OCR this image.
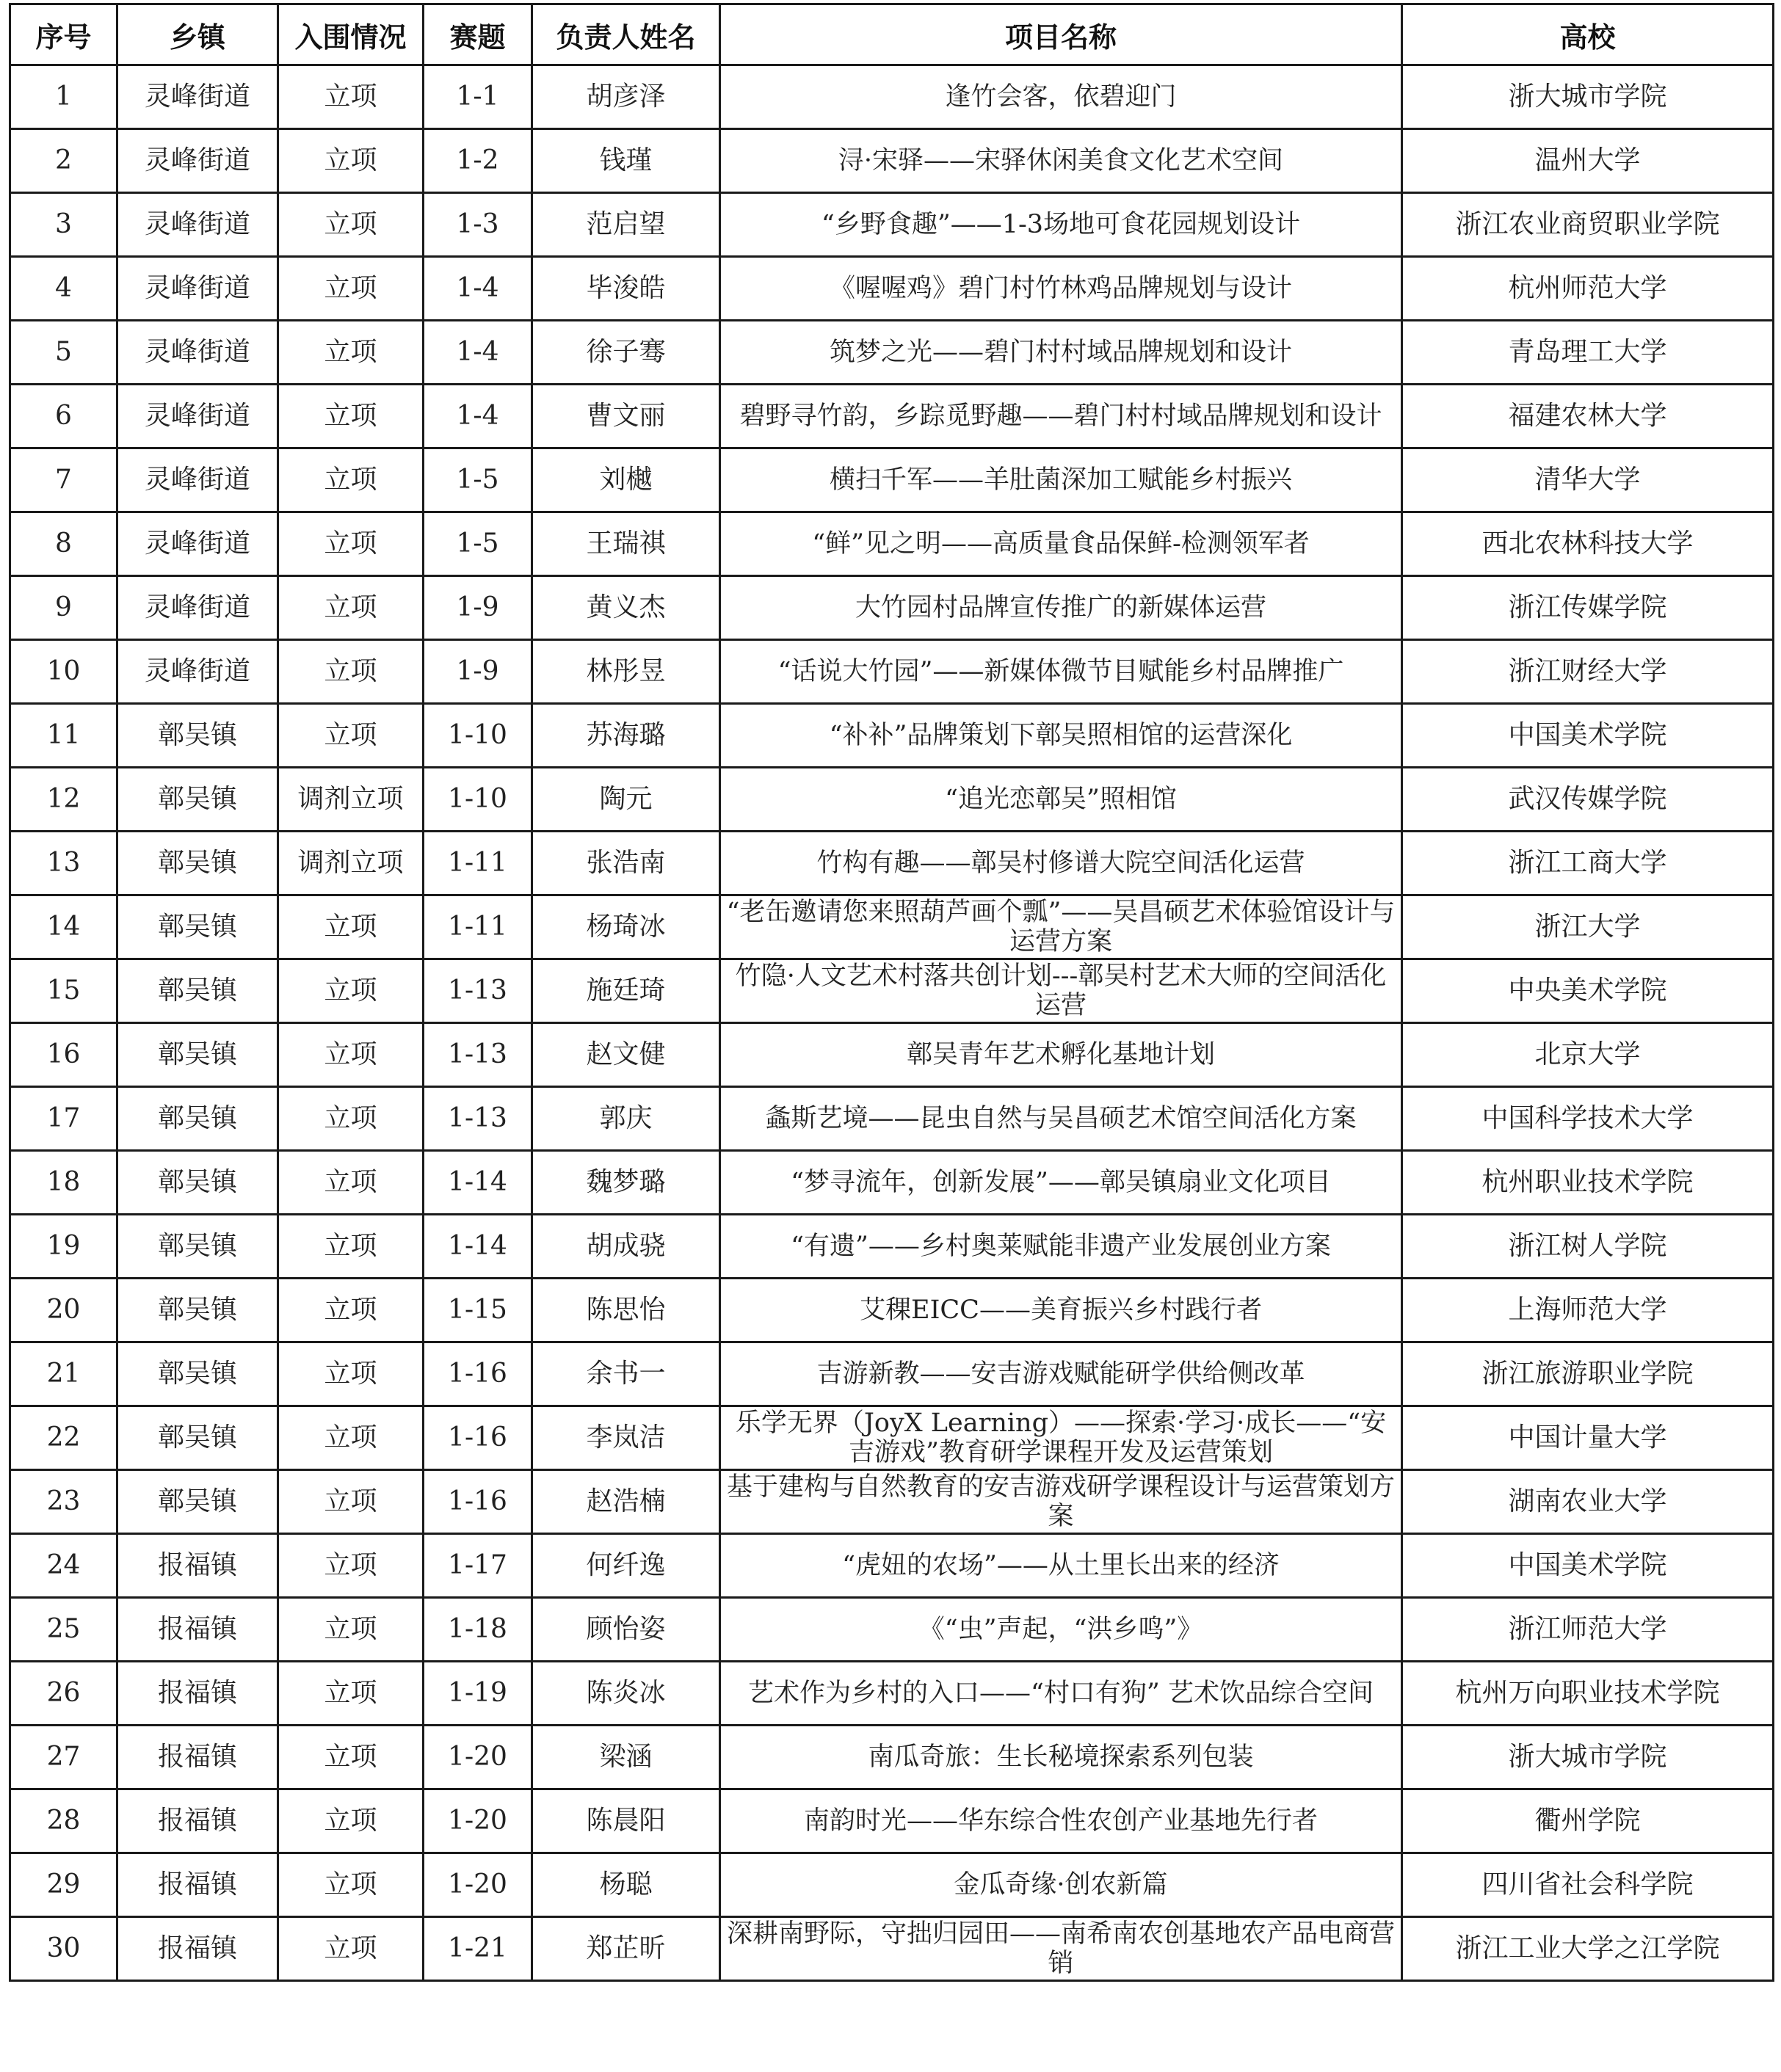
序号	乡镇	入围情况	赛题	负责人姓名	项目名称	高校
1	灵峰街道	立项	1-1	胡彦泽	逢竹会客，依碧迎门	浙大城市学院
2	灵峰街道	立项	1-2	钱瑾	浔·宋驿——宋驿休闲美食文化艺术空间	温州大学
3	灵峰街道	立项	1-3	范启望	“乡野食趣”——1-3场地可食花园规划设计	浙江农业商贸职业学院
4	灵峰街道	立项	1-4	毕浚皓	《喔喔鸡》碧门村竹林鸡品牌规划与设计	杭州师范大学
5	灵峰街道	立项	1-4	徐子骞	筑梦之光——碧门村村域品牌规划和设计	青岛理工大学
6	灵峰街道	立项	1-4	曹文丽	碧野寻竹韵，乡踪觅野趣——碧门村村域品牌规划和设计	福建农林大学
7	灵峰街道	立项	1-5	刘樾	横扫千军——羊肚菌深加工赋能乡村振兴	清华大学
8	灵峰街道	立项	1-5	王瑞祺	“鲜”见之明——高质量食品保鲜-检测领军者	西北农林科技大学
9	灵峰街道	立项	1-9	黄义杰	大竹园村品牌宣传推广的新媒体运营	浙江传媒学院
10	灵峰街道	立项	1-9	林彤昱	“话说大竹园”——新媒体微节目赋能乡村品牌推广	浙江财经大学
11	鄣吴镇	立项	1-10	苏海璐	“补补”品牌策划下鄣吴照相馆的运营深化	中国美术学院
12	鄣吴镇	调剂立项	1-10	陶元	“追光恋鄣吴”照相馆	武汉传媒学院
13	鄣吴镇	调剂立项	1-11	张浩南	竹构有趣——鄣吴村修谱大院空间活化运营	浙江工商大学
14	鄣吴镇	立项	1-11	杨琦冰	“老缶邀请您来照葫芦画个瓢”——吴昌硕艺术体验馆设计与运营方案	浙江大学
15	鄣吴镇	立项	1-13	施廷琦	竹隐·人文艺术村落共创计划---鄣吴村艺术大师的空间活化运营	中央美术学院
16	鄣吴镇	立项	1-13	赵文健	鄣吴青年艺术孵化基地计划	北京大学
17	鄣吴镇	立项	1-13	郭庆	螽斯艺境——昆虫自然与吴昌硕艺术馆空间活化方案	中国科学技术大学
18	鄣吴镇	立项	1-14	魏梦璐	“梦寻流年，创新发展”——鄣吴镇扇业文化项目	杭州职业技术学院
19	鄣吴镇	立项	1-14	胡成骁	“有遗”——乡村奥莱赋能非遗产业发展创业方案	浙江树人学院
20	鄣吴镇	立项	1-15	陈思怡	艾稞EICC——美育振兴乡村践行者	上海师范大学
21	鄣吴镇	立项	1-16	余书一	吉游新教——安吉游戏赋能研学供给侧改革	浙江旅游职业学院
22	鄣吴镇	立项	1-16	李岚洁	乐学无界（JoyX Learning）——探索·学习·成长——“安吉游戏”教育研学课程开发及运营策划	中国计量大学
23	鄣吴镇	立项	1-16	赵浩楠	基于建构与自然教育的安吉游戏研学课程设计与运营策划方案	湖南农业大学
24	报福镇	立项	1-17	何纤逸	“虎妞的农场”——从土里长出来的经济	中国美术学院
25	报福镇	立项	1-18	顾怡姿	《“虫”声起，“洪乡鸣”》	浙江师范大学
26	报福镇	立项	1-19	陈炎冰	艺术作为乡村的入口——“村口有狗” 艺术饮品综合空间	杭州万向职业技术学院
27	报福镇	立项	1-20	梁涵	南瓜奇旅：生长秘境探索系列包装	浙大城市学院
28	报福镇	立项	1-20	陈晨阳	南韵时光——华东综合性农创产业基地先行者	衢州学院
29	报福镇	立项	1-20	杨聪	金瓜奇缘·创农新篇	四川省社会科学院
30	报福镇	立项	1-21	郑芷昕	深耕南野际，守拙归园田——南希南农创基地农产品电商营销	浙江工业大学之江学院
